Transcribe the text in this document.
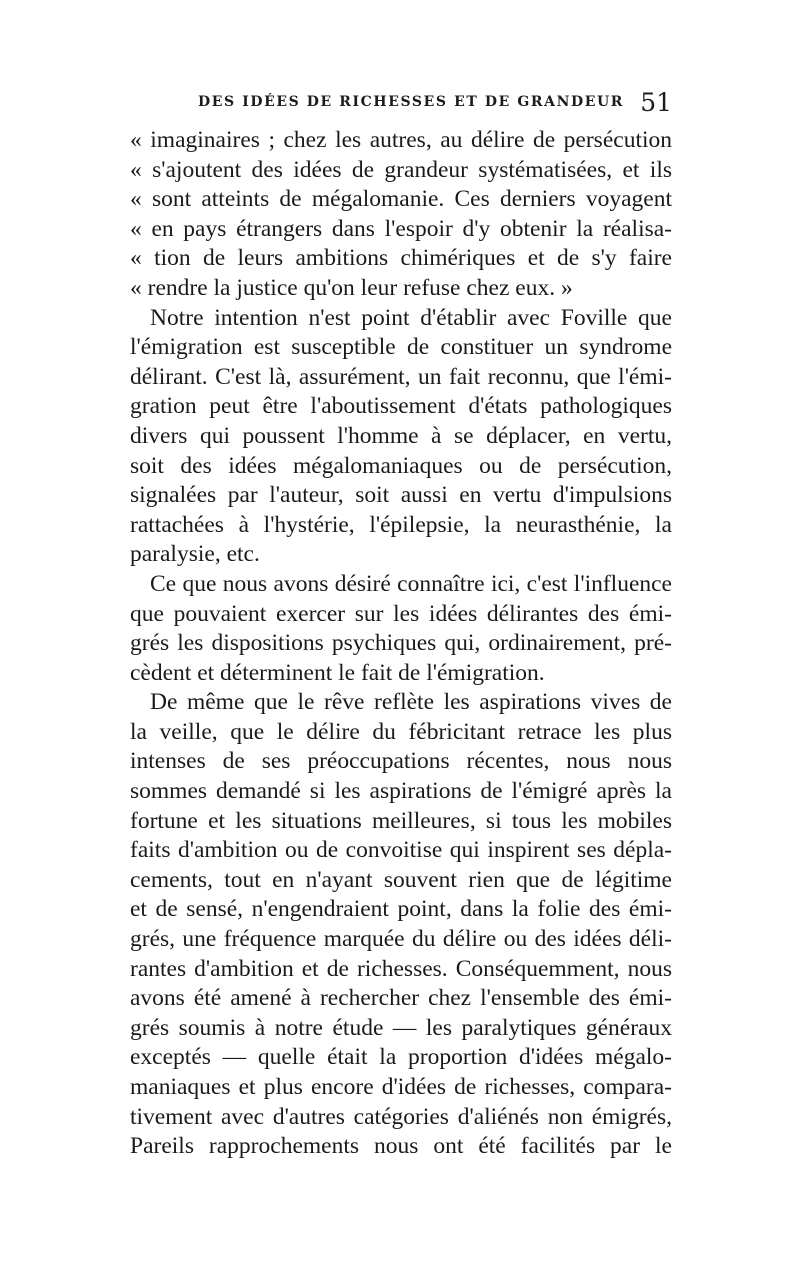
DES IDÉES DE RICHESSES ET DE GRANDEUR 51
« imaginaires ; chez les autres, au délire de persécution
« s'ajoutent des idées de grandeur systématisées, et ils
« sont atteints de mégalomanie. Ces derniers voyagent
« en pays étrangers dans l'espoir d'y obtenir la réalisa-
« tion de leurs ambitions chimériques et de s'y faire
« rendre la justice qu'on leur refuse chez eux. »
Notre intention n'est point d'établir avec Foville que
l'émigration est susceptible de constituer un syndrome
délirant. C'est là, assurément, un fait reconnu, que l'émi-
gration peut être l'aboutissement d'états pathologiques
divers qui poussent l'homme à se déplacer, en vertu,
soit des idées mégalomaniaques ou de persécution,
signalées par l'auteur, soit aussi en vertu d'impulsions
rattachées à l'hystérie, l'épilepsie, la neurasthénie, la
paralysie, etc.
Ce que nous avons désiré connaître ici, c'est l'influence
que pouvaient exercer sur les idées délirantes des émi-
grés les dispositions psychiques qui, ordinairement, pré-
cèdent et déterminent le fait de l'émigration.
De même que le rêve reflète les aspirations vives de
la veille, que le délire du fébricitant retrace les plus
intenses de ses préoccupations récentes, nous nous
sommes demandé si les aspirations de l'émigré après la
fortune et les situations meilleures, si tous les mobiles
faits d'ambition ou de convoitise qui inspirent ses dépla-
cements, tout en n'ayant souvent rien que de légitime
et de sensé, n'engendraient point, dans la folie des émi-
grés, une fréquence marquée du délire ou des idées déli-
rantes d'ambition et de richesses. Conséquemment, nous
avons été amené à rechercher chez l'ensemble des émi-
grés soumis à notre étude — les paralytiques généraux
exceptés — quelle était la proportion d'idées mégalo-
maniaques et plus encore d'idées de richesses, compara-
tivement avec d'autres catégories d'aliénés non émigrés,
Pareils rapprochements nous ont été facilités par le
